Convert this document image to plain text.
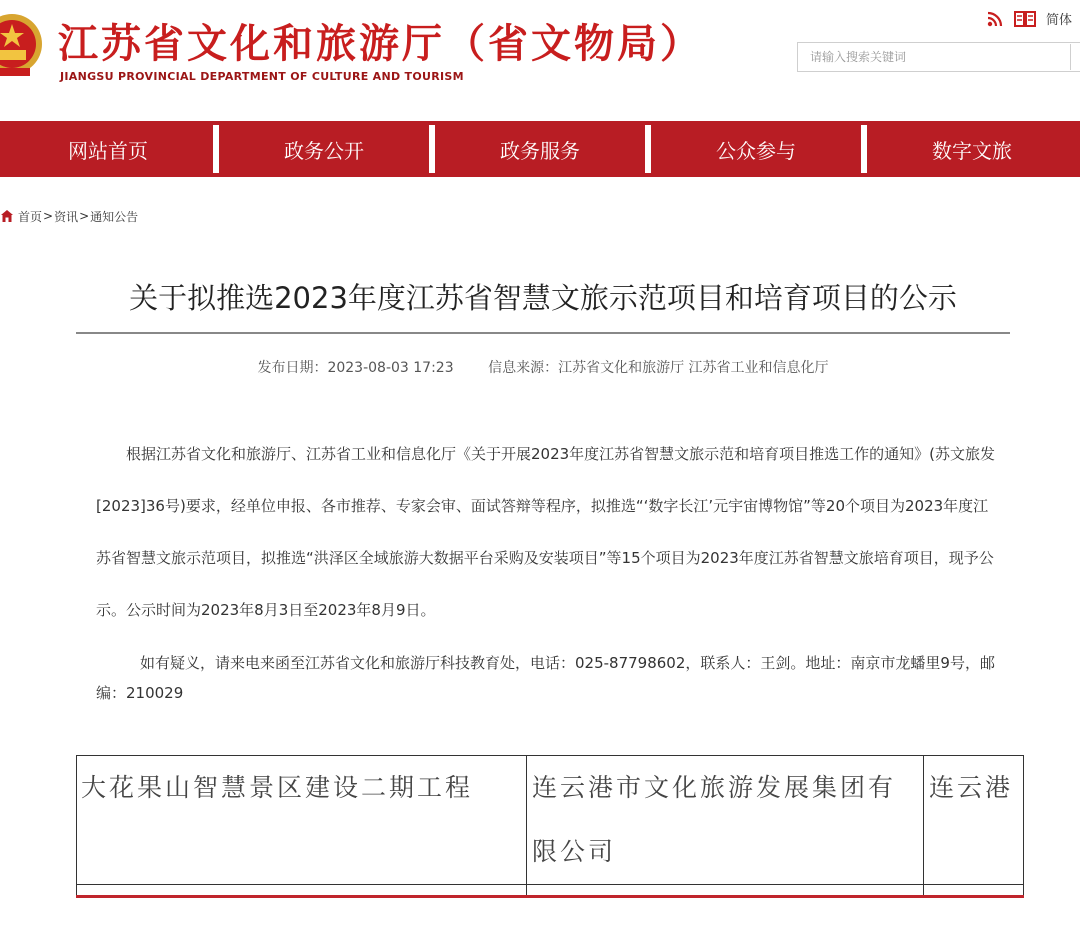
江苏省文化和旅游厅（省文物局）
JIANGSU PROVINCIAL DEPARTMENT OF CULTURE AND TOURISM
简体
请输入搜索关键词
网站首页	政务公开	政务服务	公众参与	数字文旅
首页 > 资讯 > 通知公告
关于拟推选2023年度江苏省智慧文旅示范项目和培育项目的公示
发布日期：2023-08-03 17:23 信息来源：江苏省文化和旅游厅 江苏省工业和信息化厅

根据江苏省文化和旅游厅、江苏省工业和信息化厅《关于开展2023年度江苏省智慧文旅示范和培育项目推选工作的通知》(苏文旅发[2023]36号)要求，经单位申报、各市推荐、专家会审、面试答辩等程序，拟推选“‘数字长江’元宇宙博物馆”等20个项目为2023年度江苏省智慧文旅示范项目，拟推选“洪泽区全域旅游大数据平台采购及安装项目”等15个项目为2023年度江苏省智慧文旅培育项目，现予公示。公示时间为2023年8月3日至2023年8月9日。

如有疑义，请来电来函至江苏省文化和旅游厅科技教育处，电话：025-87798602，联系人：王剑。地址：南京市龙蟠里9号，邮编：210029

大花果山智慧景区建设二期工程	连云港市文化旅游发展集团有限公司	连云港
